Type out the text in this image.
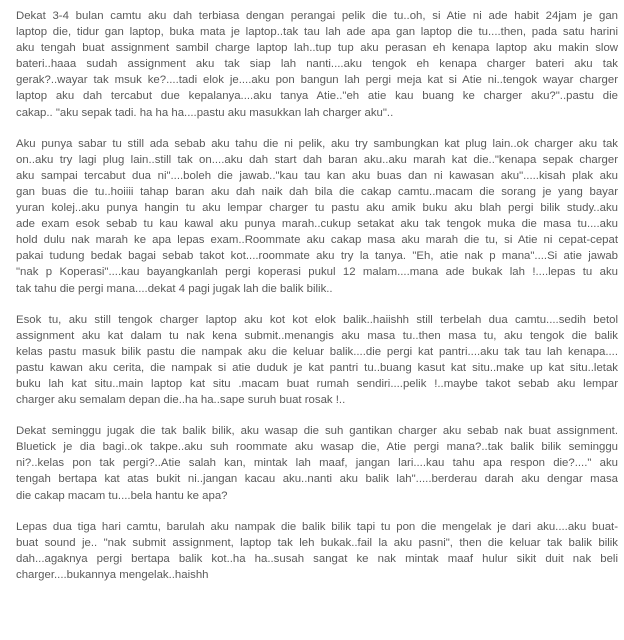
Dekat 3-4 bulan camtu aku dah terbiasa dengan perangai pelik die tu..oh, si Atie ni ade habit 24jam je gan
laptop die, tidur gan laptop, buka mata je laptop..tak tau lah ade apa gan laptop die tu....then, pada satu harini
aku tengah buat assignment sambil charge laptop lah..tup tup aku perasan eh kenapa laptop aku makin slow
bateri..haaa sudah assignment aku tak siap lah nanti....aku tengok eh kenapa charger bateri aku tak
gerak?..wayar tak msuk ke?....tadi elok je....aku pon bangun lah pergi meja kat si Atie ni..tengok wayar charger
laptop aku dah tercabut due kepalanya....aku tanya Atie.."eh atie kau buang ke charger aku?"..pastu die
cakap.. "aku sepak tadi. ha ha ha....pastu aku masukkan lah charger aku"..
Aku punya sabar tu still ada sebab aku tahu die ni pelik, aku try sambungkan kat plug lain..ok charger aku tak
on..aku try lagi plug lain..still tak on....aku dah start dah baran aku..aku marah kat die.."kenapa sepak charger
aku sampai tercabut dua ni"....boleh die jawab.."kau tau kan aku buas dan ni kawasan aku".....kisah plak aku
gan buas die tu..hoiiii tahap baran aku dah naik dah bila die cakap camtu..macam die sorang je yang bayar
yuran kolej..aku punya hangin tu aku lempar charger tu pastu aku amik buku aku blah pergi bilik study..aku
ade exam esok sebab tu kau kawal aku punya marah..cukup setakat aku tak tengok muka die masa tu....aku
hold dulu nak marah ke apa lepas exam..Roommate aku cakap masa aku marah die tu, si Atie ni cepat-cepat
pakai tudung bedak bagai sebab takot kot....roommate aku try la tanya. "Eh, atie nak p mana"....Si atie jawab
"nak p Koperasi"....kau bayangkanlah pergi koperasi pukul 12 malam....mana ade bukak lah !....lepas tu aku
tak tahu die pergi mana....dekat 4 pagi jugak lah die balik bilik..
Esok tu, aku still tengok charger laptop aku kot kot elok balik..haiishh still terbelah dua camtu....sedih betol
assignment aku kat dalam tu nak kena submit..menangis aku masa tu..then masa tu, aku tengok die balik
kelas pastu masuk bilik pastu die nampak aku die keluar balik....die pergi kat pantri....aku tak tau lah kenapa....
pastu kawan aku cerita, die nampak si atie duduk je kat pantri tu..buang kasut kat situ..make up kat situ..letak
buku lah kat situ..main laptop kat situ .macam buat rumah sendiri....pelik !..maybe takot sebab aku lempar
charger aku semalam depan die..ha ha..sape suruh buat rosak !..
Dekat seminggu jugak die tak balik bilik, aku wasap die suh gantikan charger aku sebab nak buat assignment.
Bluetick je dia bagi..ok takpe..aku suh roommate aku wasap die, Atie pergi mana?..tak balik bilik seminggu
ni?..kelas pon tak pergi?..Atie salah kan, mintak lah maaf, jangan lari....kau tahu apa respon die?...." aku
tengah bertapa kat atas bukit ni..jangan kacau aku..nanti aku balik lah".....berderau darah aku dengar masa
die cakap macam tu....bela hantu ke apa?
Lepas dua tiga hari camtu, barulah aku nampak die balik bilik tapi tu pon die mengelak je dari aku....aku buat-
buat sound je.. "nak submit assignment, laptop tak leh bukak..fail la aku pasni", then die keluar tak balik bilik
dah...agaknya pergi bertapa balik kot..ha ha..susah sangat ke nak mintak maaf hulur sikit duit nak beli
charger....bukannya mengelak..haishh
